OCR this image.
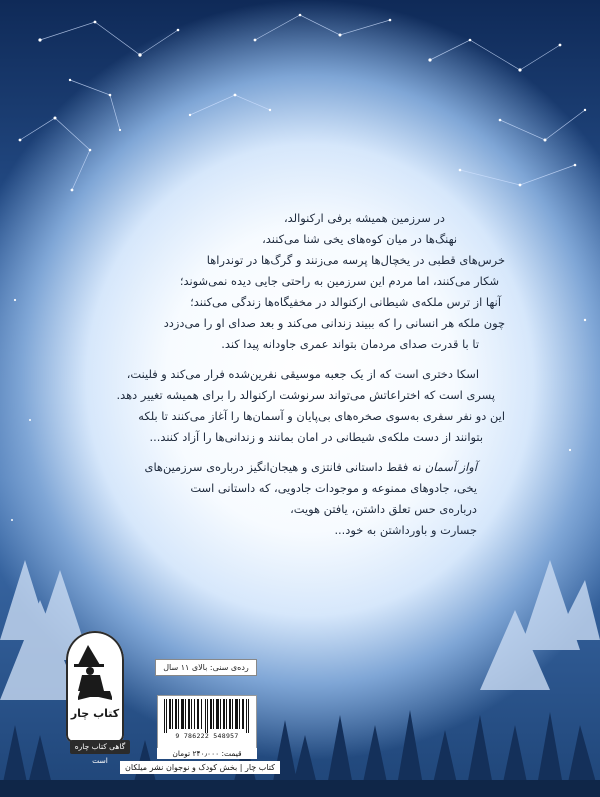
در سرزمین همیشه برفی ارکنوالد،
نهنگ‌ها در میان کوه‌های یخی شنا می‌کنند،
خرس‌های قطبی در یخچال‌ها پرسه می‌زنند و گرگ‌ها در توندراها
شکار می‌کنند، اما مردم این سرزمین به راحتی جایی دیده نمی‌شوند؛
آنها از ترس ملکه‌ی شیطانی ارکنوالد در مخفیگاه‌ها زندگی می‌کنند؛
چون ملکه هر انسانی را که ببیند زندانی می‌کند و بعد صدای او را می‌دزدد
تا با قدرت صدای مردمان بتواند عمری جاودانه پیدا کند.

اسکا دختری است که از یک جعبه موسیقی نفرین‌شده فرار می‌کند و فلینت،
پسری است که اختراعاتش می‌تواند سرنوشت ارکنوالد را برای همیشه تغییر دهد.
این دو نفر سفری به‌سوی صخره‌های بی‌پایان و آسمان‌ها را آغاز می‌کنند تا بلکه
بتوانند از دست ملکه‌ی شیطانی در امان بمانند و زندانی‌ها را آزاد کنند...

آواز آسمان نه فقط داستانی فانتزی و هیجان‌انگیز درباره‌ی سرزمین‌های
یخی، جادوهای ممنوعه و موجودات جادویی، که داستانی است
درباره‌ی حس تعلق داشتن، یافتن هویت،
جسارت و باورداشتن به خود...

کتاب چار
گاهی کتاب چاره است
رده‌ی سنی: بالای ۱۱ سال
9 786222 548957
قیمت: ۲۴۰٫۰۰۰ تومان
کتاب چار | بخش کودک و نوجوان نشر میلکان
